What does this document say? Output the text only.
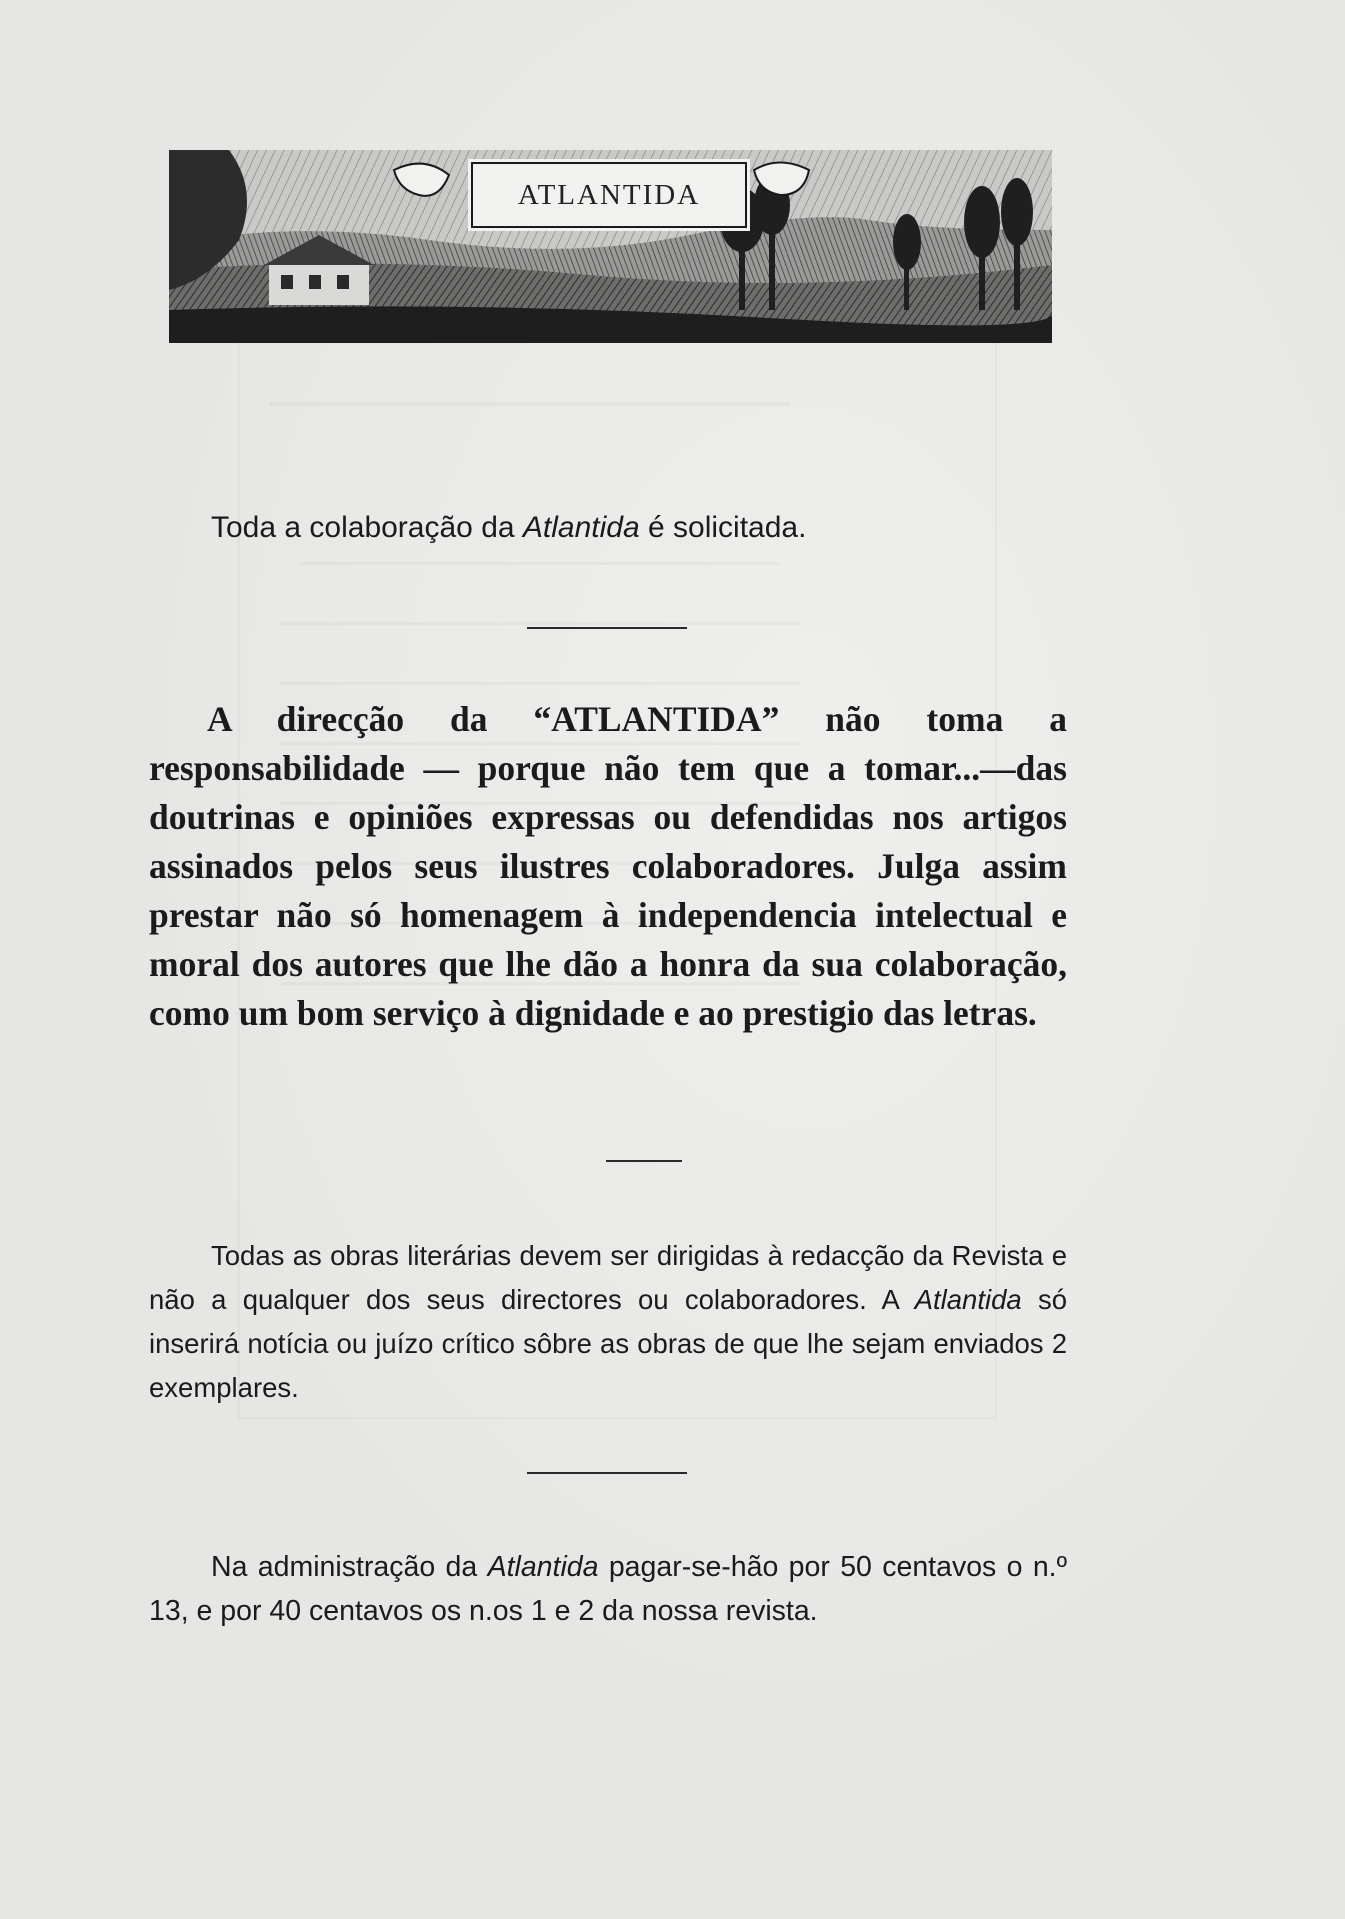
ATLANTIDA
Toda a colaboração da Atlantida é solicitada.
A direcção da “ATLANTIDA” não toma a responsabilidade — porque não tem que a tomar...—das doutrinas e opiniões expressas ou defendidas nos artigos assinados pelos seus ilustres colaboradores. Julga assim prestar não só homenagem à independencia intelectual e moral dos autores que lhe dão a honra da sua colaboração, como um bom serviço à dignidade e ao prestigio das letras.
Todas as obras literárias devem ser dirigidas à redacção da Revista e não a qualquer dos seus directores ou colaboradores. A Atlantida só inserirá notícia ou juízo crítico sôbre as obras de que lhe sejam enviados 2 exemplares.
Na administração da Atlantida pagar-se-hão por 50 centavos o n.º 13, e por 40 centavos os n.os 1 e 2 da nossa revista.
